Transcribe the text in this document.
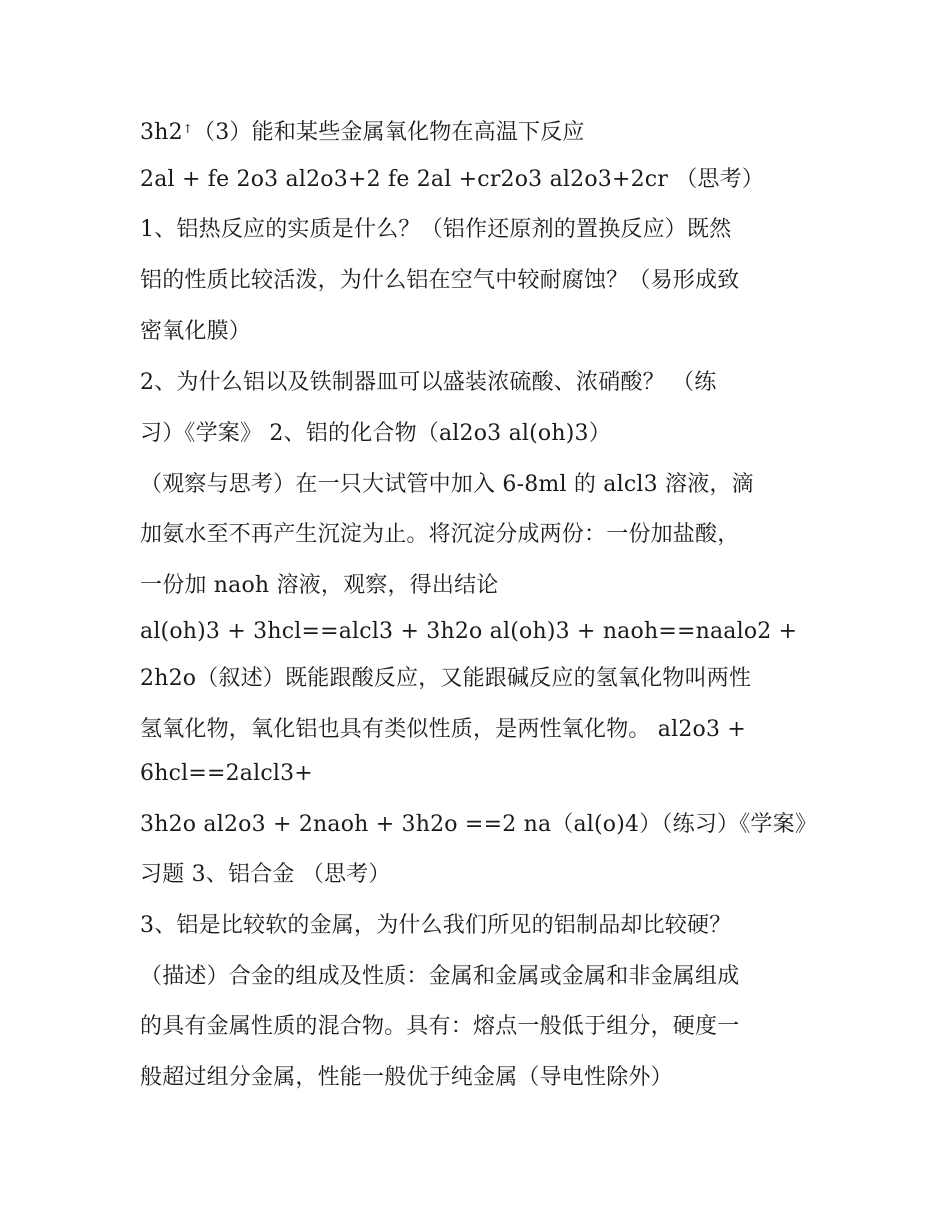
3h2↑（3）能和某些金属氧化物在高温下反应
2al + fe 2o3 al2o3+2 fe 2al +cr2o3 al2o3+2cr （思考）
1、铝热反应的实质是什么？（铝作还原剂的置换反应）既然
铝的性质比较活泼，为什么铝在空气中较耐腐蚀？（易形成致
密氧化膜）
2、为什么铝以及铁制器皿可以盛装浓硫酸、浓硝酸？ （练
习）《学案》 2、铝的化合物（al2o3 al(oh)3）
（观察与思考）在一只大试管中加入 6-8ml 的 alcl3 溶液，滴
加氨水至不再产生沉淀为止。将沉淀分成两份：一份加盐酸，
一份加 naoh 溶液，观察，得出结论
al(oh)3 + 3hcl==alcl3 + 3h2o al(oh)3 + naoh==naalo2 +
2h2o（叙述）既能跟酸反应，又能跟碱反应的氢氧化物叫两性
氢氧化物，氧化铝也具有类似性质，是两性氧化物。 al2o3 +
6hcl==2alcl3+
3h2o al2o3 + 2naoh + 3h2o ==2 na（al(o)4）（练习）《学案》
习题 3、铝合金 （思考）
3、铝是比较软的金属，为什么我们所见的铝制品却比较硬？
（描述）合金的组成及性质：金属和金属或金属和非金属组成
的具有金属性质的混合物。具有：熔点一般低于组分，硬度一
般超过组分金属，性能一般优于纯金属（导电性除外）
